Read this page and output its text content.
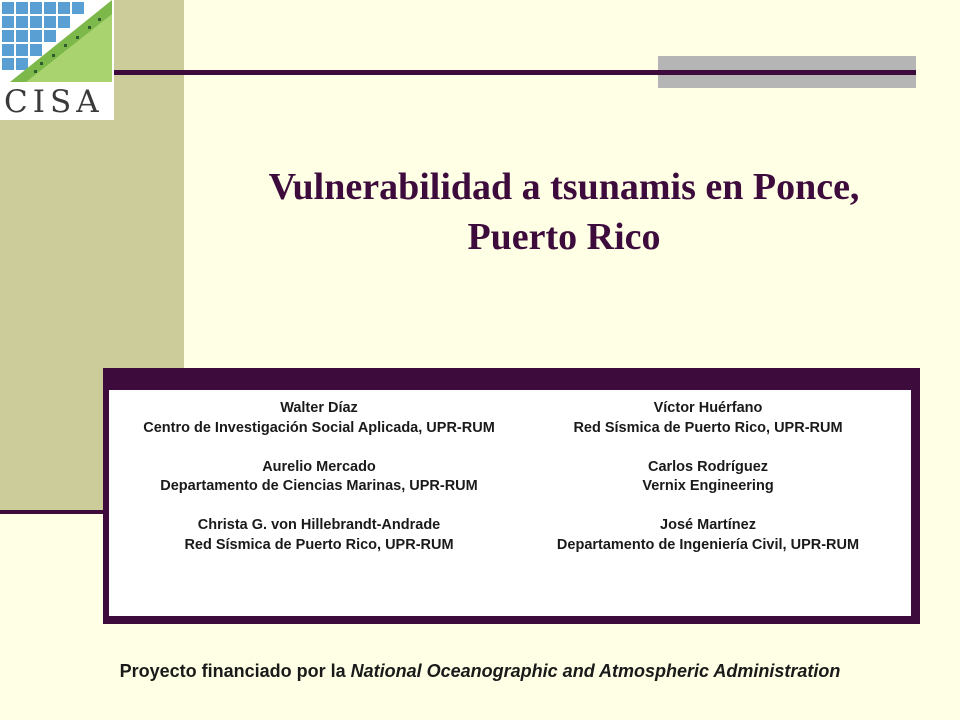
CISA
Vulnerabilidad a tsunamis en Ponce,
Puerto Rico
Walter Díaz
Centro de Investigación Social Aplicada, UPR-RUM
Aurelio Mercado
Departamento de Ciencias Marinas, UPR-RUM
Christa G. von Hillebrandt-Andrade
Red Sísmica de Puerto Rico, UPR-RUM
Víctor Huérfano
Red Sísmica de Puerto Rico, UPR-RUM
Carlos Rodríguez
Vernix Engineering
José Martínez
Departamento de Ingeniería Civil, UPR-RUM
Proyecto financiado por la National Oceanographic and Atmospheric Administration
